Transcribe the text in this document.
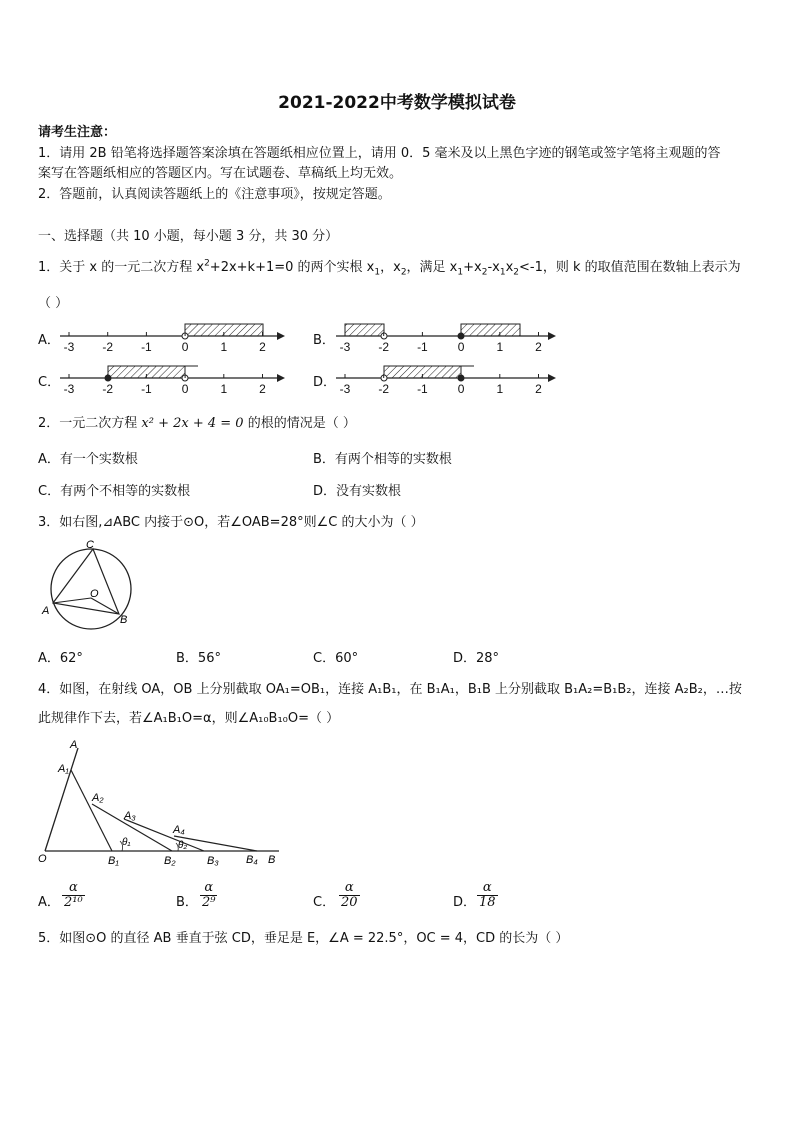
2021-2022中考数学模拟试卷
请考生注意：
1．请用 2B 铅笔将选择题答案涂填在答题纸相应位置上，请用 0．5 毫米及以上黑色字迹的钢笔或签字笔将主观题的答
案写在答题纸相应的答题区内。写在试题卷、草稿纸上均无效。
2．答题前，认真阅读答题纸上的《注意事项》，按规定答题。
一、选择题（共 10 小题，每小题 3 分，共 30 分）
1．关于 x 的一元二次方程 $x^2+2x+k+1=0$ 的两个实根 $x_1$，$x_2$，满足 $x_1+x_2-x_1x_2<-1$，则 k 的取值范围在数轴上表示为
（ ）
A．	B．
C．	D．
-3 -2 -1	0	1	2	-3 -2 -1	0	1	2
-3 -2 -1	0	1	2	-3 -2 -1	0	1	2
2．一元二次方程 x² + 2x + 4 = 0 的根的情况是（ ）
A．有一个实数根	B．有两个相等的实数根
C．有两个不相等的实数根	D．没有实数根
3．如右图,⊿ABC 内接于⊙O，若∠OAB=28°则∠C 的大小为（ ）
C
O
A
B
A．62°	B．56°	C．60°	D．28°
4．如图，在射线 OA，OB 上分别截取 OA₁=OB₁，连接 A₁B₁，在 B₁A₁，B₁B 上分别截取 B₁A₂=B₁B₂，连接 A₂B₂，…按
此规律作下去，若∠A₁B₁O=α，则∠A₁₀B₁₀O=（ ）
A
A₁
A₂
A₃
A₄
O	B₁	B₂	B₃ B₄ B
θ₁	θ₂
A． $\frac{\alpha}{\text{2¹⁰}}$	B． $\frac{\alpha}{\text{2⁹}}$	C． $\frac{\alpha}{20}$	D． $\frac{\alpha}{18}$
5．如图⊙O 的直径 AB 垂直于弦 CD，垂足是 E，∠A = 22.5°，OC = 4，CD 的长为（ ）
